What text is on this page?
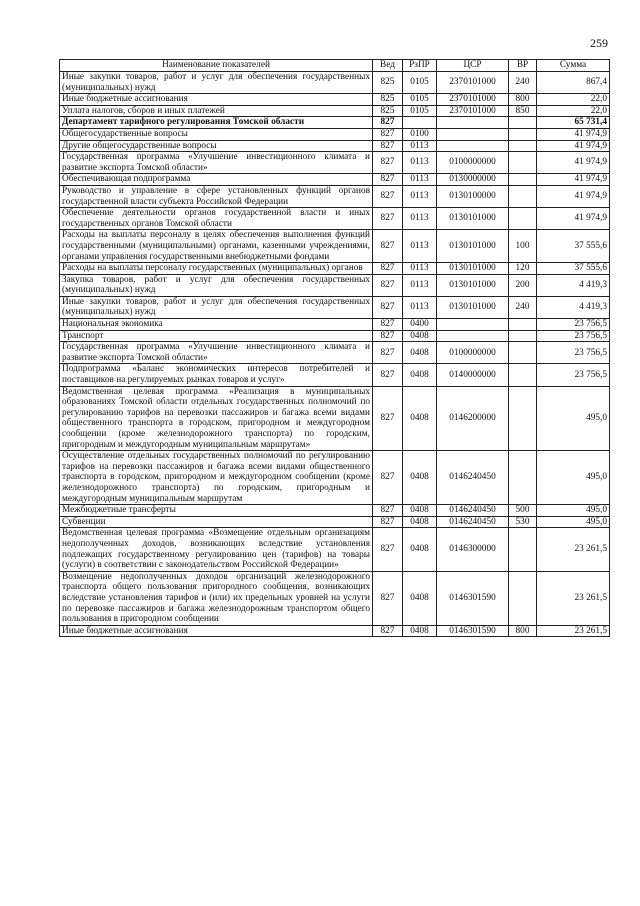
259
Наименование показателей	Вед	РзПР	ЦСР	ВР	Сумма
Иные закупки товаров, работ и услуг для обеспечения государственных (муниципальных) нужд	825	0105	2370101000	240	867,4
Иные бюджетные ассигнования	825	0105	2370101000	800	22,0
Уплата налогов, сборов и иных платежей	825	0105	2370101000	850	22,0
Департамент тарифного регулирования Томской области	827				65 731,4
Общегосударственные вопросы	827	0100			41 974,9
Другие общегосударственные вопросы	827	0113			41 974,9
Государственная программа «Улучшение инвестиционного климата и развитие экспорта Томской области»	827	0113	0100000000		41 974,9
Обеспечивающая подпрограмма	827	0113	0130000000		41 974,9
Руководство и управление в сфере установленных функций органов государственной власти субъекта Российской Федерации	827	0113	0130100000		41 974,9
Обеспечение деятельности органов государственной власти и иных государственных органов Томской области	827	0113	0130101000		41 974,9
Расходы на выплаты персоналу в целях обеспечения выполнения функций государственными (муниципальными) органами, казенными учреждениями, органами управления государственными внебюджетными фондами	827	0113	0130101000	100	37 555,6
Расходы на выплаты персоналу государственных (муниципальных) органов	827	0113	0130101000	120	37 555,6
Закупка товаров, работ и услуг для обеспечения государственных (муниципальных) нужд	827	0113	0130101000	200	4 419,3
Иные закупки товаров, работ и услуг для обеспечения государственных (муниципальных) нужд	827	0113	0130101000	240	4 419,3
Национальная экономика	827	0400			23 756,5
Транспорт	827	0408			23 756,5
Государственная программа «Улучшение инвестиционного климата и развитие экспорта Томской области»	827	0408	0100000000		23 756,5
Подпрограмма «Баланс экономических интересов потребителей и поставщиков на регулируемых рынках товаров и услуг»	827	0408	0140000000		23 756,5
Ведомственная целевая программа «Реализация в муниципальных образованиях Томской области отдельных государственных полномочий по регулированию тарифов на перевозки пассажиров и багажа всеми видами общественного транспорта в городском, пригородном и междугородном сообщении (кроме железнодорожного транспорта) по городским, пригородным и междугородным муниципальным маршрутам»	827	0408	0146200000		495,0
Осуществление отдельных государственных полномочий по регулированию тарифов на перевозки пассажиров и багажа всеми видами общественного транспорта в городском, пригородном и междугородном сообщении (кроме железнодорожного транспорта) по городским, пригородным и междугородным муниципальным маршрутам	827	0408	0146240450		495,0
Межбюджетные трансферты	827	0408	0146240450	500	495,0
Субвенции	827	0408	0146240450	530	495,0
Ведомственная целевая программа «Возмещение отдельным организациям недополученных доходов, возникающих вследствие установления подлежащих государственному регулированию цен (тарифов) на товары (услуги) в соответствии с законодательством Российской Федерации»	827	0408	0146300000		23 261,5
Возмещение недополученных доходов организаций железнодорожного транспорта общего пользования пригородного сообщения, возникающих вследствие установления тарифов и (или) их предельных уровней на услуги по перевозке пассажиров и багажа железнодорожным транспортом общего пользования в пригородном сообщении	827	0408	0146301590		23 261,5
Иные бюджетные ассигнования	827	0408	0146301590	800	23 261,5
